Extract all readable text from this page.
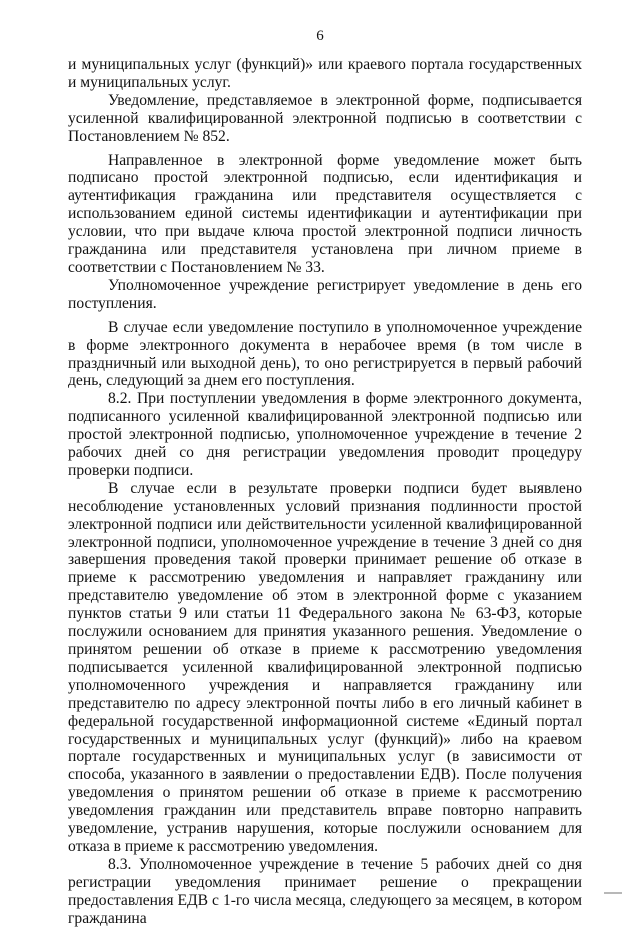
6

и муниципальных услуг (функций)» или краевого портала государственных и муниципальных услуг.

Уведомление, представляемое в электронной форме, подписывается усиленной квалифицированной электронной подписью в соответствии с Постановлением № 852.

Направленное в электронной форме уведомление может быть подписано простой электронной подписью, если идентификация и аутентификация гражданина или представителя осуществляется с использованием единой системы идентификации и аутентификации при условии, что при выдаче ключа простой электронной подписи личность гражданина или представителя установлена при личном приеме в соответствии с Постановлением № 33.

Уполномоченное учреждение регистрирует уведомление в день его поступления.

В случае если уведомление поступило в уполномоченное учреждение в форме электронного документа в нерабочее время (в том числе в праздничный или выходной день), то оно регистрируется в первый рабочий день, следующий за днем его поступления.

8.2. При поступлении уведомления в форме электронного документа, подписанного усиленной квалифицированной электронной подписью или простой электронной подписью, уполномоченное учреждение в течение 2 рабочих дней со дня регистрации уведомления проводит процедуру проверки подписи.

В случае если в результате проверки подписи будет выявлено несоблюдение установленных условий признания подлинности простой электронной подписи или действительности усиленной квалифицированной электронной подписи, уполномоченное учреждение в течение 3 дней со дня завершения проведения такой проверки принимает решение об отказе в приеме к рассмотрению уведомления и направляет гражданину или представителю уведомление об этом в электронной форме с указанием пунктов статьи 9 или статьи 11 Федерального закона № 63-ФЗ, которые послужили основанием для принятия указанного решения. Уведомление о принятом решении об отказе в приеме к рассмотрению уведомления подписывается усиленной квалифицированной электронной подписью уполномоченного учреждения и направляется гражданину или представителю по адресу электронной почты либо в его личный кабинет в федеральной государственной информационной системе «Единый портал государственных и муниципальных услуг (функций)» либо на краевом портале государственных и муниципальных услуг (в зависимости от способа, указанного в заявлении о предоставлении ЕДВ). После получения уведомления о принятом решении об отказе в приеме к рассмотрению уведомления гражданин или представитель вправе повторно направить уведомление, устранив нарушения, которые послужили основанием для отказа в приеме к рассмотрению уведомления.

8.3. Уполномоченное учреждение в течение 5 рабочих дней со дня регистрации уведомления принимает решение о прекращении предоставления ЕДВ с 1-го числа месяца, следующего за месяцем, в котором гражданина
